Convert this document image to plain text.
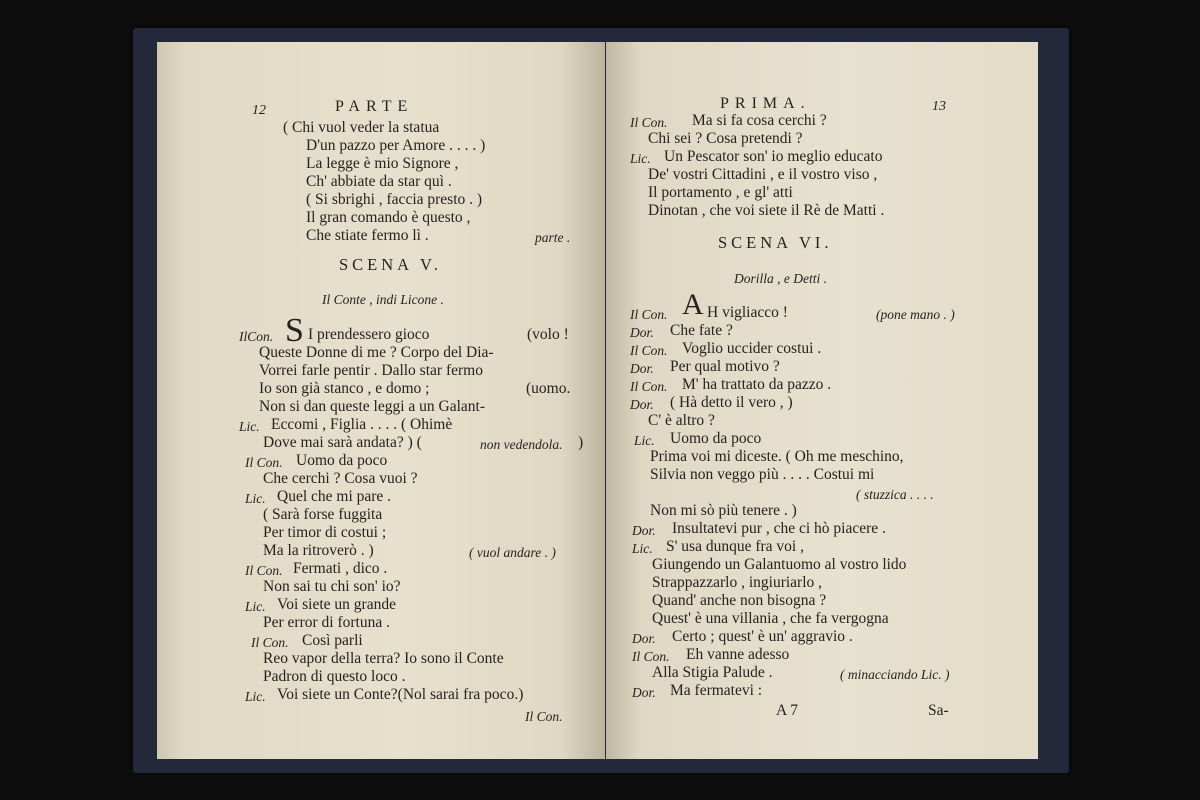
12	PARTE
( Chi vuol veder la statua
D'un pazzo per Amore . . . . )
La legge è mio Signore ,
Ch' abbiate da star quì .
( Si sbrighi , faccia presto . )
Il gran comando è questo ,
Che stiate fermo lì .	parte .
SCENA V.
Il Conte , indi Licone .
IlCon. S I prendessero gioco	(volo !
Queste Donne di me ? Corpo del Dia-
Vorrei farle pentir . Dallo star fermo
Io son già stanco , e domo ;	(uomo.
Non si dan queste leggi a un Galant-
Lic. Eccomi , Figlia . . . . ( Ohimè
Dove mai sarà andata? ) (	non vedendola. )
Il Con. Uomo da poco
Che cerchi ? Cosa vuoi ?
Lic. Quel che mi pare .
( Sarà forse fuggita
Per timor di costui ;
Ma la ritroverò . )	( vuol andare . )
Il Con. Fermati , dico .
Non sai tu chi son' io?
Lic. Voi siete un grande
Per error di fortuna .
Il Con. Così parli
Reo vapor della terra? Io sono il Conte
Padron di questo loco .
Lic. Voi siete un Conte?(Nol sarai fra poco.)
Il Con.
PRIMA.	13
Il Con. Ma si fa cosa cerchi ?
Chi sei ? Cosa pretendi ?
Lic. Un Pescator son' io meglio educato
De' vostri Cittadini , e il vostro viso ,
Il portamento , e gl' atti
Dinotan , che voi siete il Rè de Matti .
SCENA VI.
Dorilla , e Detti .
Il Con. A H vigliacco !	(pone mano . )
Dor. Che fate ?
Il Con. Voglio uccider costui .
Dor. Per qual motivo ?
Il Con. M' ha trattato da pazzo .
Dor. ( Hà detto il vero , )
C' è altro ?
Lic. Uomo da poco
Prima voi mi diceste. ( Oh me meschino,
Silvia non veggo più . . . . Costui mi
( stuzzica . . . .
Non mi sò più tenere . )
Dor. Insultatevi pur , che ci hò piacere .
Lic. S' usa dunque fra voi ,
Giungendo un Galantuomo al vostro lido
Strappazzarlo , ingiuriarlo ,
Quand' anche non bisogna ?
Quest' è una villania , che fa vergogna
Dor. Certo ; quest' è un' aggravio .
Il Con. Eh vanne adesso
Alla Stigia Palude .	( minacciando Lic. )
Dor. Ma fermatevi :
A 7	Sa-
